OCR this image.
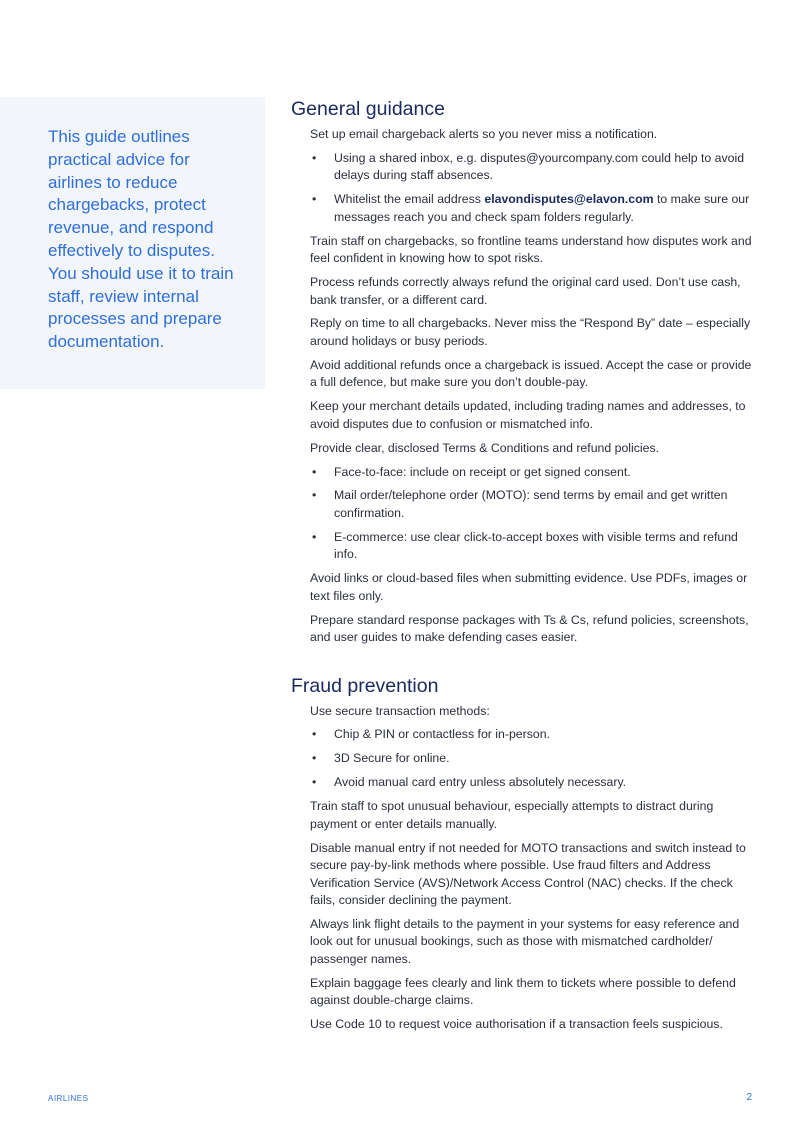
This guide outlines practical advice for airlines to reduce chargebacks, protect revenue, and respond effectively to disputes. You should use it to train staff, review internal processes and prepare documentation.
General guidance

Set up email chargeback alerts so you never miss a notification.

• Using a shared inbox, e.g. disputes@yourcompany.com could help to avoid delays during staff absences.
• Whitelist the email address elavondisputes@elavon.com to make sure our messages reach you and check spam folders regularly.

Train staff on chargebacks, so frontline teams understand how disputes work and feel confident in knowing how to spot risks.

Process refunds correctly always refund the original card used. Don’t use cash, bank transfer, or a different card.

Reply on time to all chargebacks. Never miss the “Respond By” date – especially around holidays or busy periods.

Avoid additional refunds once a chargeback is issued. Accept the case or provide a full defence, but make sure you don’t double-pay.

Keep your merchant details updated, including trading names and addresses, to avoid disputes due to confusion or mismatched info.

Provide clear, disclosed Terms & Conditions and refund policies.

• Face-to-face: include on receipt or get signed consent.
• Mail order/telephone order (MOTO): send terms by email and get written confirmation.
• E-commerce: use clear click-to-accept boxes with visible terms and refund info.

Avoid links or cloud-based files when submitting evidence. Use PDFs, images or text files only.

Prepare standard response packages with Ts & Cs, refund policies, screenshots, and user guides to make defending cases easier.

Fraud prevention

Use secure transaction methods:

• Chip & PIN or contactless for in-person.
• 3D Secure for online.
• Avoid manual card entry unless absolutely necessary.

Train staff to spot unusual behaviour, especially attempts to distract during payment or enter details manually.

Disable manual entry if not needed for MOTO transactions and switch instead to secure pay-by-link methods where possible. Use fraud filters and Address Verification Service (AVS)/Network Access Control (NAC) checks. If the check fails, consider declining the payment.

Always link flight details to the payment in your systems for easy reference and look out for unusual bookings, such as those with mismatched cardholder/ passenger names.

Explain baggage fees clearly and link them to tickets where possible to defend against double-charge claims.

Use Code 10 to request voice authorisation if a transaction feels suspicious.

AIRLINES	2
